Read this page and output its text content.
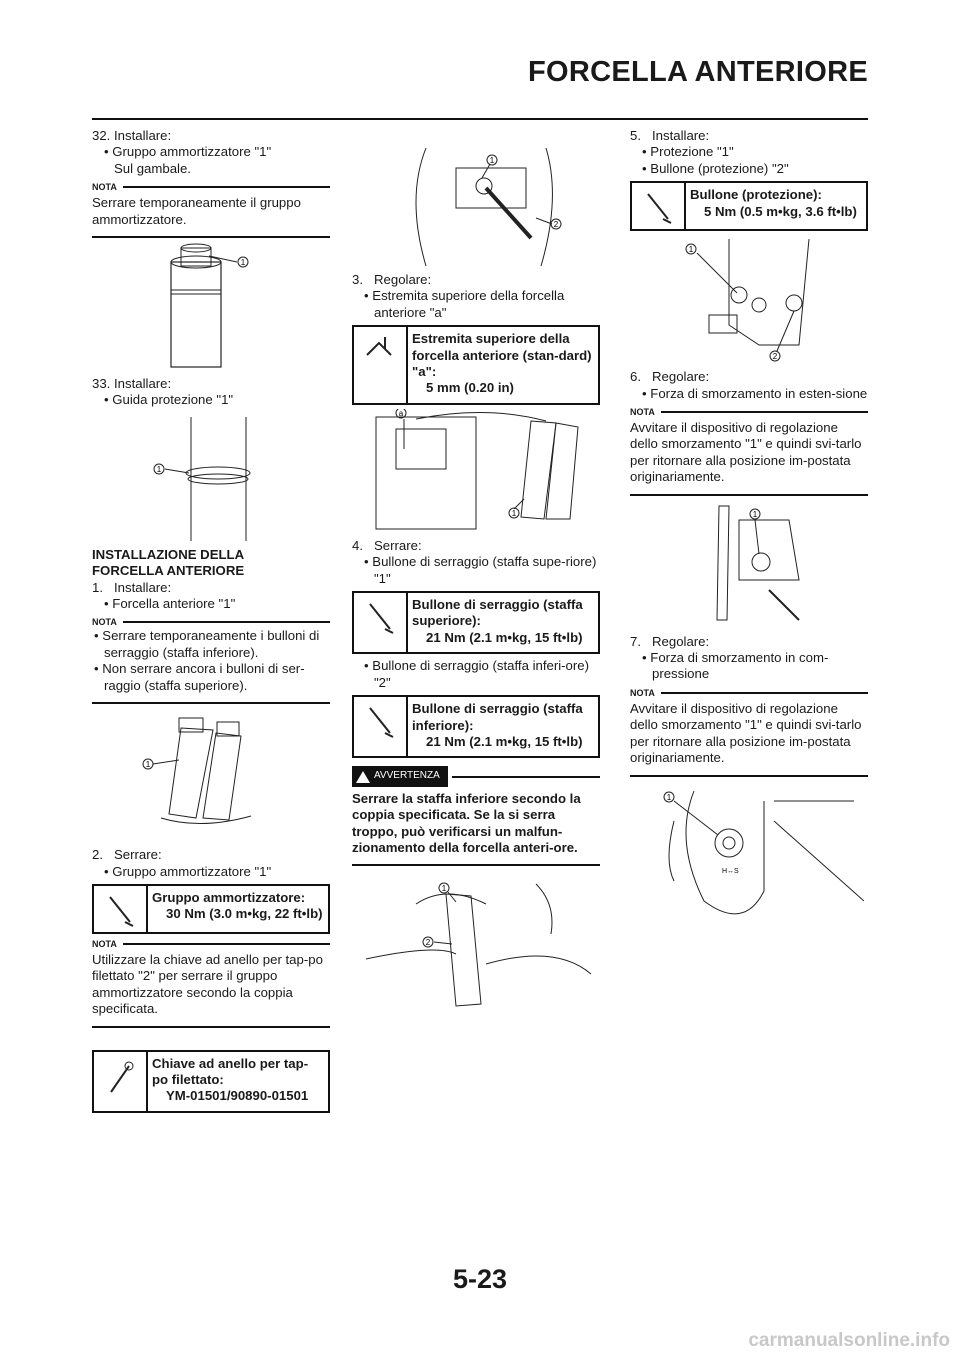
FORCELLA ANTERIORE

32. Installare:

• Gruppo ammortizzatore "1"

Sul gambale.

NOTA
Serrare temporaneamente il gruppo ammortizzatore.
1

33. Installare:

• Guida protezione "1"

1

INSTALLAZIONE DELLA

FORCELLA ANTERIORE

1. Installare:

• Forcella anteriore "1"

NOTA

• Serrare temporaneamente i bulloni di serraggio (staffa inferiore).

• Non serrare ancora i bulloni di ser-raggio (staffa superiore).

1

2. Serrare:

• Gruppo ammortizzatore "1"

Gruppo ammortizzatore:
30 Nm (3.0 m•kg, 22 ft•lb)
NOTA
Utilizzare la chiave ad anello per tap-po filettato "2" per serrare il gruppo ammortizzatore secondo la coppia specificata.
Chiave ad anello per tap-po filettato:
YM-01501/90890-01501
1
2

3. Regolare:

• Estremita superiore della forcella anteriore "a"

Estremita superiore della forcella anteriore (stan-dard) "a":
5 mm (0.20 in)
a
1

4. Serrare:

• Bullone di serraggio (staffa supe-riore) "1"

Bullone di serraggio (staffa superiore):
21 Nm (2.1 m•kg, 15 ft•lb)

• Bullone di serraggio (staffa inferi-ore) "2"

Bullone di serraggio (staffa inferiore):
21 Nm (2.1 m•kg, 15 ft•lb)
AVVERTENZA
Serrare la staffa inferiore secondo la coppia specificata. Se la si serra troppo, può verificarsi un malfun-zionamento della forcella anteri-ore.
1
2

5. Installare:

• Protezione "1"

• Bullone (protezione) "2"

Bullone (protezione):
5 Nm (0.5 m•kg, 3.6 ft•lb)
1
2

6. Regolare:

• Forza di smorzamento in esten-sione

NOTA
Avvitare il dispositivo di regolazione dello smorzamento "1" e quindi svi-tarlo per ritornare alla posizione im-postata originariamente.
1

7. Regolare:

• Forza di smorzamento in com-pressione

NOTA
Avvitare il dispositivo di regolazione dello smorzamento "1" e quindi svi-tarlo per ritornare alla posizione im-postata originariamente.
H↔S
1
5-23
carmanualsonline.info
